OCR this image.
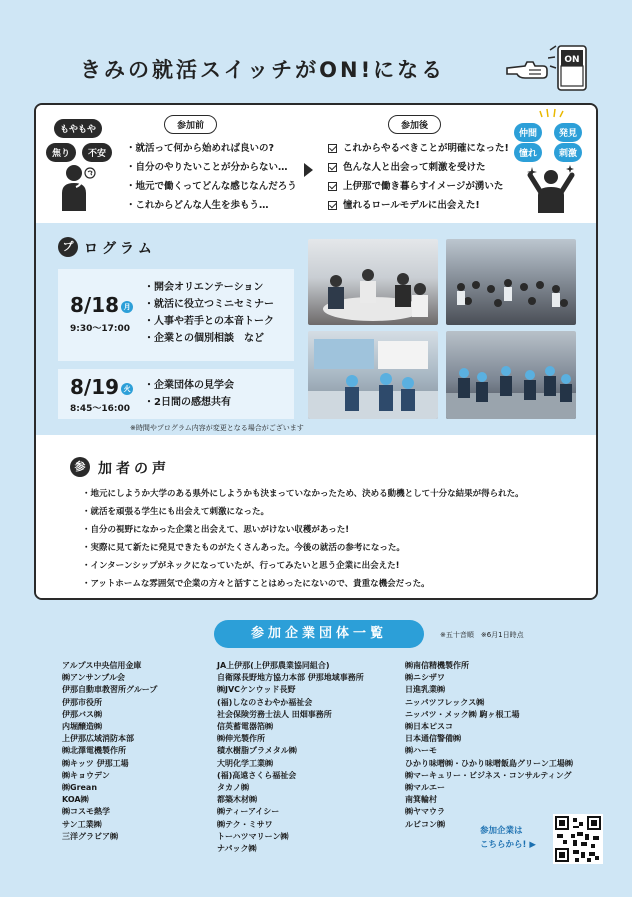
きみの就活スイッチがON!になる	ON
もやもや
焦り	不安
参加前
・就活って何から始めれば良いの?
・自分のやりたいことが分からない…
・地元で働くってどんな感じなんだろう
・これからどんな人生を歩もう…
参加後
これからやるべきことが明確になった!
色んな人と出会って刺激を受けた
上伊那で働き暮らすイメージが湧いた
憧れるロールモデルに出会えた!
仲間	発見
憧れ	刺激
プ ログラム
8/18 月
9:30〜17:00
・開会オリエンテーション
・就活に役立つミニセミナー
・人事や若手との本音トーク
・企業との個別相談　など
8/19 火
8:45〜16:00
・企業団体の見学会
・2日間の感想共有
※時間やプログラム内容が変更となる場合がございます
参 加者の声
・地元にしようか大学のある県外にしようかも決まっていなかったため、決める動機として十分な結果が得られた。
・就活を頑張る学生にも出会えて刺激になった。
・自分の視野になかった企業と出会えて、思いがけない収穫があった!
・実際に見て新たに発見できたものがたくさんあった。今後の就活の参考になった。
・インターンシップがネックになっていたが、行ってみたいと思う企業に出会えた!
・アットホームな雰囲気で企業の方々と話すことはめったにないので、貴重な機会だった。
参加企業団体一覧	※五十音順　※6月1日時点
アルプス中央信用金庫
㈱アンサンブル会
伊那自動車教習所グループ
伊那市役所
伊那バス㈱
内堀醸造㈱
上伊那広域消防本部
㈱北澤電機製作所
㈱キッツ 伊那工場
㈱キョウデン
㈱Grean
KOA㈱
㈱コスモ熱学
サン工業㈱
三洋グラビア㈱
JA上伊那(上伊那農業協同組合)
自衛隊長野地方協力本部 伊那地域事務所
㈱JVCケンウッド長野
(福)しなのさわやか福祉会
社会保険労務士法人 田畑事務所
信英蓄電器箔㈱
㈱伸光製作所
積水樹脂プラメタル㈱
大明化学工業㈱
(福)高遠さくら福祉会
タカノ㈱
都築木材㈱
㈱ティーアイシー
㈱テク・ミサワ
トーハツマリーン㈱
ナパック㈱
㈱南信精機製作所
㈱ニシザワ
日進乳業㈱
ニッパツフレックス㈱
ニッパツ・メック㈱ 駒ヶ根工場
㈱日本ピスコ
日本通信警備㈱
㈱ハーモ
ひかり味噌㈱・ひかり味噌飯島グリーン工場㈱
㈱マーキュリー・ビジネス・コンサルティング
㈱マルエー
南箕輪村
㈱ヤマウラ
ルビコン㈱
参加企業は
こちらから! ▶
